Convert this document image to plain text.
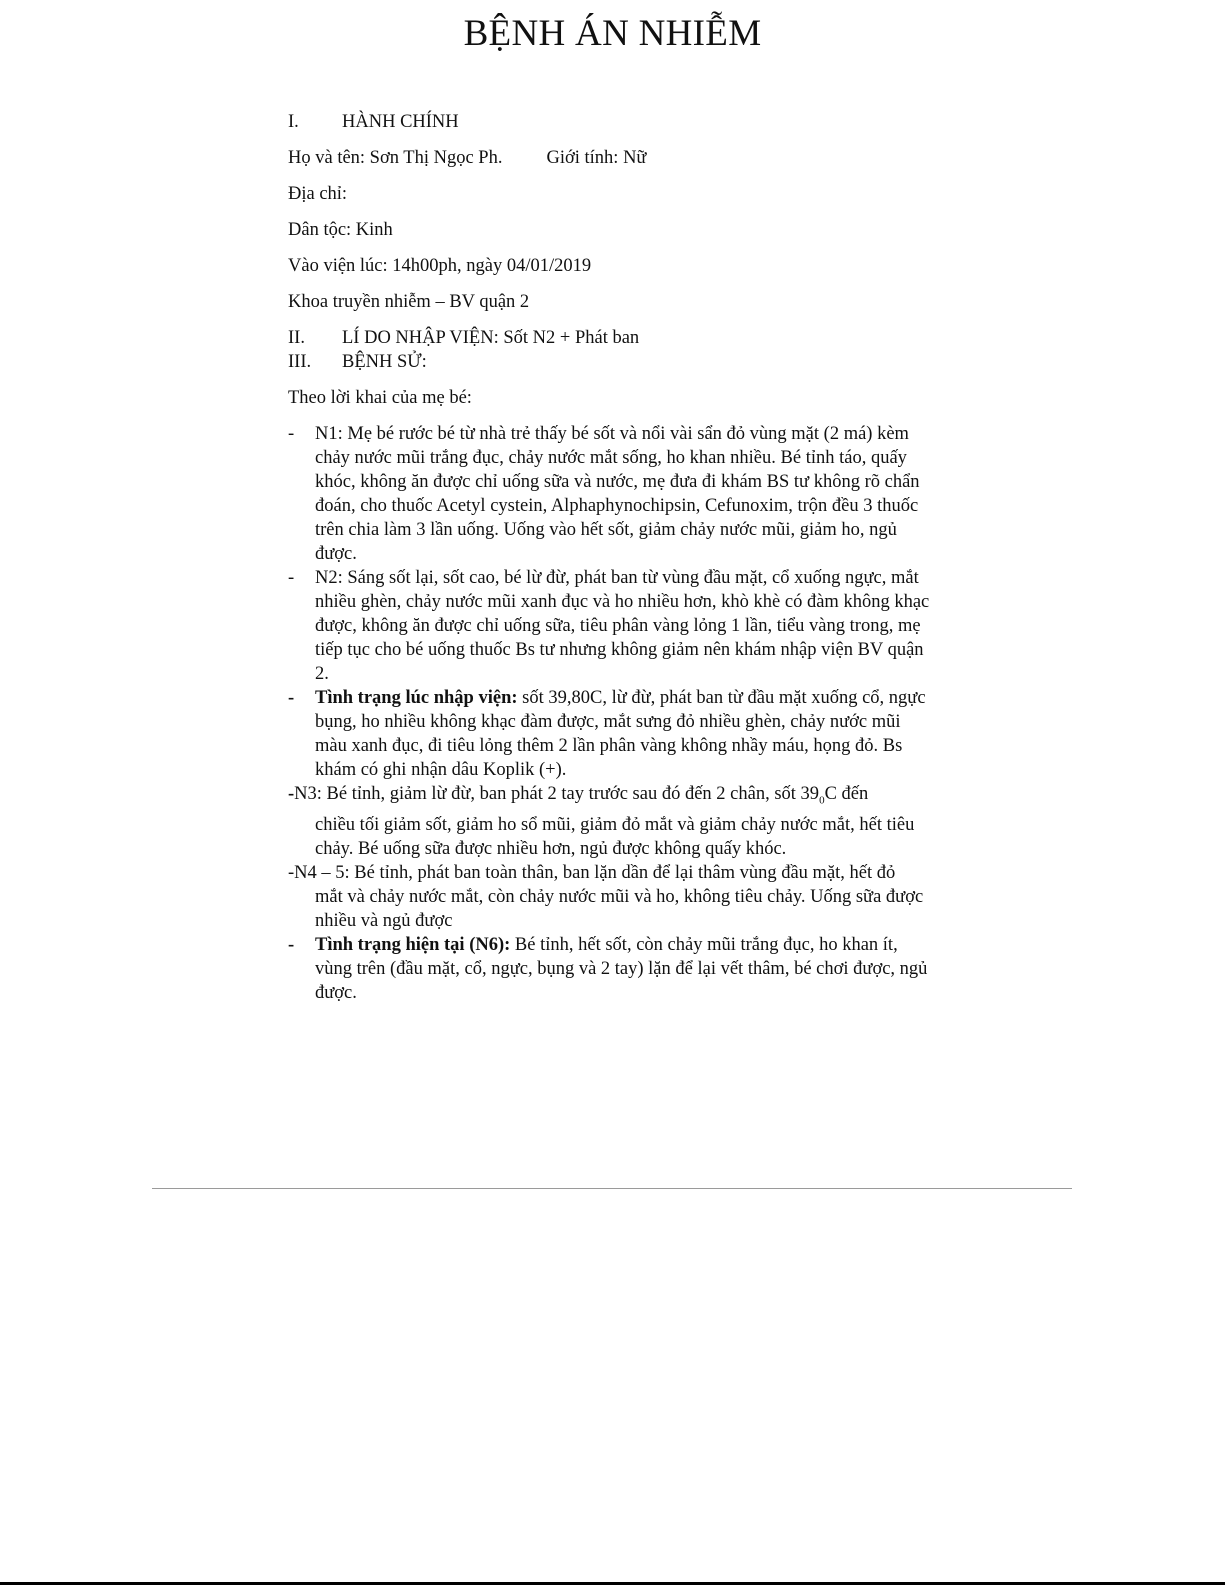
BỆNH ÁN NHIỄM
I.	HÀNH CHÍNH
Họ và tên: Sơn Thị Ngọc Ph. Giới tính: Nữ
Địa chỉ:
Dân tộc: Kinh
Vào viện lúc: 14h00ph, ngày 04/01/2019
Khoa truyền nhiễm – BV quận 2
II.	LÍ DO NHẬP VIỆN: Sốt N2 + Phát ban
III.	BỆNH SỬ:
Theo lời khai của mẹ bé:
- N1: Mẹ bé rước bé từ nhà trẻ thấy bé sốt và nổi vài sẩn đỏ vùng mặt (2 má) kèm
chảy nước mũi trắng đục, chảy nước mắt sống, ho khan nhiều. Bé tỉnh táo, quấy
khóc, không ăn được chỉ uống sữa và nước, mẹ đưa đi khám BS tư không rõ chẩn
đoán, cho thuốc Acetyl cystein, Alphaphynochipsin, Cefunoxim, trộn đều 3 thuốc
trên chia làm 3 lần uống. Uống vào hết sốt, giảm chảy nước mũi, giảm ho, ngủ
được.
- N2: Sáng sốt lại, sốt cao, bé lừ đừ, phát ban từ vùng đầu mặt, cổ xuống ngực, mắt
nhiều ghèn, chảy nước mũi xanh đục và ho nhiều hơn, khò khè có đàm không khạc
được, không ăn được chỉ uống sữa, tiêu phân vàng lỏng 1 lần, tiểu vàng trong, mẹ
tiếp tục cho bé uống thuốc Bs tư nhưng không giảm nên khám nhập viện BV quận
2.
- Tình trạng lúc nhập viện: sốt 39,80C, lừ đừ, phát ban từ đầu mặt xuống cổ, ngực
bụng, ho nhiều không khạc đàm được, mắt sưng đỏ nhiều ghèn, chảy nước mũi
màu xanh đục, đi tiêu lỏng thêm 2 lần phân vàng không nhầy máu, họng đỏ. Bs
khám có ghi nhận dâu Koplik (+).
-N3: Bé tỉnh, giảm lừ đừ, ban phát 2 tay trước sau đó đến 2 chân, sốt $39_0C$ đến
chiều tối giảm sốt, giảm ho sổ mũi, giảm đỏ mắt và giảm chảy nước mắt, hết tiêu
chảy. Bé uống sữa được nhiều hơn, ngủ được không quấy khóc.
-N4 – 5: Bé tỉnh, phát ban toàn thân, ban lặn dần để lại thâm vùng đầu mặt, hết đỏ
mắt và chảy nước mắt, còn chảy nước mũi và ho, không tiêu chảy. Uống sữa được
nhiều và ngủ được
- Tình trạng hiện tại (N6): Bé tỉnh, hết sốt, còn chảy mũi trắng đục, ho khan ít,
vùng trên (đầu mặt, cổ, ngực, bụng và 2 tay) lặn để lại vết thâm, bé chơi được, ngủ
được.
